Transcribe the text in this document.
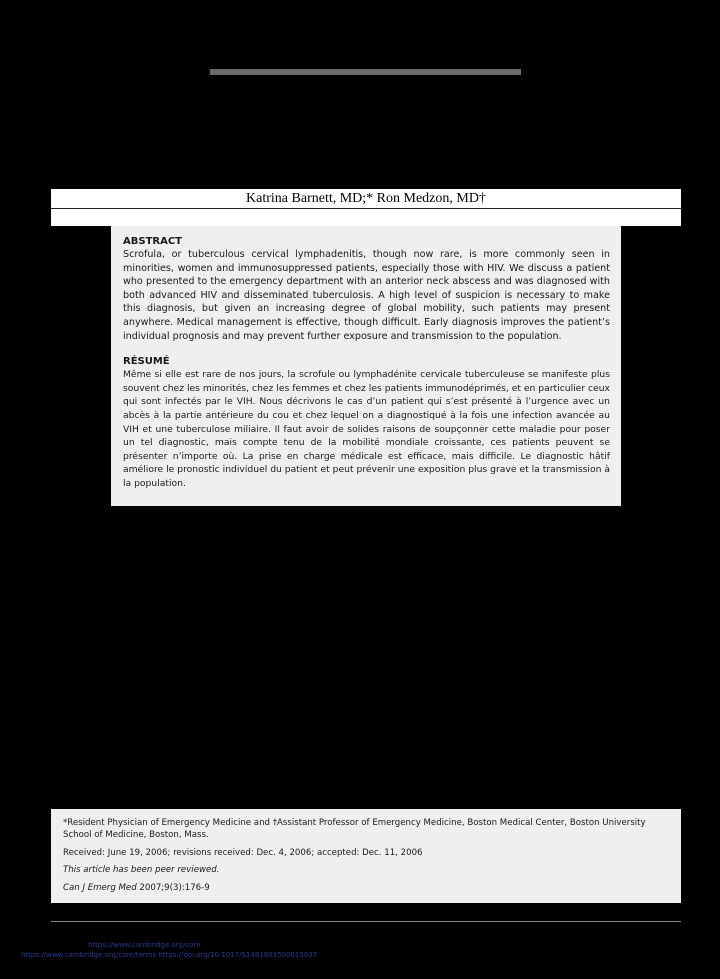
Katrina Barnett, MD;* Ron Medzon, MD†

ABSTRACT

Scrofula, or tuberculous cervical lymphadenitis, though now rare, is more commonly seen in minorities, women and immunosuppressed patients, especially those with HIV. We discuss a patient who presented to the emergency department with an anterior neck abscess and was diagnosed with both advanced HIV and disseminated tuberculosis. A high level of suspicion is necessary to make this diagnosis, but given an increasing degree of global mobility, such patients may present anywhere. Medical management is effective, though difficult. Early diagnosis improves the patient’s individual prognosis and may prevent further exposure and transmission to the population.

RÉSUMÉ

Même si elle est rare de nos jours, la scrofule ou lymphadénite cervicale tuberculeuse se manifeste plus souvent chez les minorités, chez les femmes et chez les patients immunodéprimés, et en particulier ceux qui sont infectés par le VIH. Nous décrivons le cas d’un patient qui s’est présenté à l’urgence avec un abcès à la partie antérieure du cou et chez lequel on a diagnostiqué à la fois une infection avancée au VIH et une tuberculose miliaire. Il faut avoir de solides raisons de soupçonner cette maladie pour poser un tel diagnostic, mais compte tenu de la mobilité mondiale croissante, ces patients peuvent se présenter n’importe où. La prise en charge médicale est efficace, mais difficile. Le diagnostic hâtif améliore le pronostic individuel du patient et peut prévenir une exposition plus grave et la transmission à la population.

*Resident Physician of Emergency Medicine and †Assistant Professor of Emergency Medicine, Boston Medical Center, Boston University School of Medicine, Boston, Mass.

Received: June 19, 2006; revisions received: Dec. 4, 2006; accepted: Dec. 11, 2006

This article has been peer reviewed.

Can J Emerg Med 2007;9(3):176-9

https://www.cambridge.org/core
https://www.cambridge.org/core/terms https://doi.org/10.1017/S1481803500015037
